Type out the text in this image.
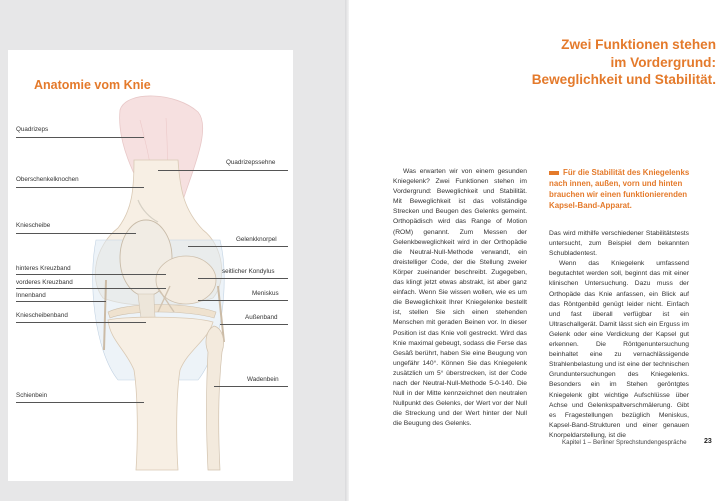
Anatomie vom Knie
Quadrizeps
Oberschenkelknochen
Kniescheibe
hinteres Kreuzband
vorderes Kreuzband
Innenband
Kniescheibenband
Schienbein
Quadrizepssehne
Gelenkknorpel
seitlicher Kondylus
Meniskus
Außenband
Wadenbein
Zwei Funktionen stehen
im Vordergrund:
Beweglichkeit und Stabilität.
Was erwarten wir von einem gesunden Kniegelenk? Zwei Funktionen stehen im Vordergrund: Beweglichkeit und Stabilität. Mit Beweglichkeit ist das vollständige Strecken und Beugen des Gelenks gemeint. Orthopädisch wird das Range of Motion (ROM) genannt. Zum Messen der Gelenkbeweglichkeit wird in der Orthopädie die Neutral-Null-Methode verwandt, ein dreistelliger Code, der die Stellung zweier Körper zueinander beschreibt. Zugegeben, das klingt jetzt etwas abstrakt, ist aber ganz einfach. Wenn Sie wissen wollen, wie es um die Beweglichkeit Ihrer Kniegelenke bestellt ist, stellen Sie sich einen stehenden Menschen mit geraden Beinen vor. In dieser Position ist das Knie voll gestreckt. Wird das Knie maximal gebeugt, sodass die Ferse das Gesäß berührt, haben Sie eine Beugung von ungefähr 140°. Können Sie das Kniegelenk zusätzlich um 5° überstrecken, ist der Code nach der Neutral-Null-Methode 5-0-140. Die Null in der Mitte kennzeichnet den neutralen Nullpunkt des Gelenks, der Wert vor der Null die Streckung und der Wert hinter der Null die Beugung des Gelenks.
Für die Stabilität des Kniegelenks nach innen, außen, vorn und hinten brauchen wir einen funktionierenden Kapsel-Band-Apparat.
Das wird mithilfe verschiedener Stabilitätstests untersucht, zum Beispiel dem bekannten Schubladentest.
Wenn das Kniegelenk umfassend begutachtet werden soll, beginnt das mit einer klinischen Untersuchung. Dazu muss der Orthopäde das Knie anfassen, ein Blick auf das Röntgenbild genügt leider nicht. Einfach und fast überall verfügbar ist ein Ultraschallgerät. Damit lässt sich ein Erguss im Gelenk oder eine Verdickung der Kapsel gut erkennen. Die Röntgenuntersuchung beinhaltet eine zu vernachlässigende Strahlenbelastung und ist eine der technischen Grunduntersuchungen des Kniegelenks. Besonders ein im Stehen geröntgtes Kniegelenk gibt wichtige Aufschlüsse über Achse und Gelenkspaltverschmälerung. Gibt es Fragestellungen bezüglich Meniskus, Kapsel-Band-Strukturen und einer genauen Knorpeldarstellung, ist die
Kapitel 1 – Berliner Sprechstundengespräche 23
